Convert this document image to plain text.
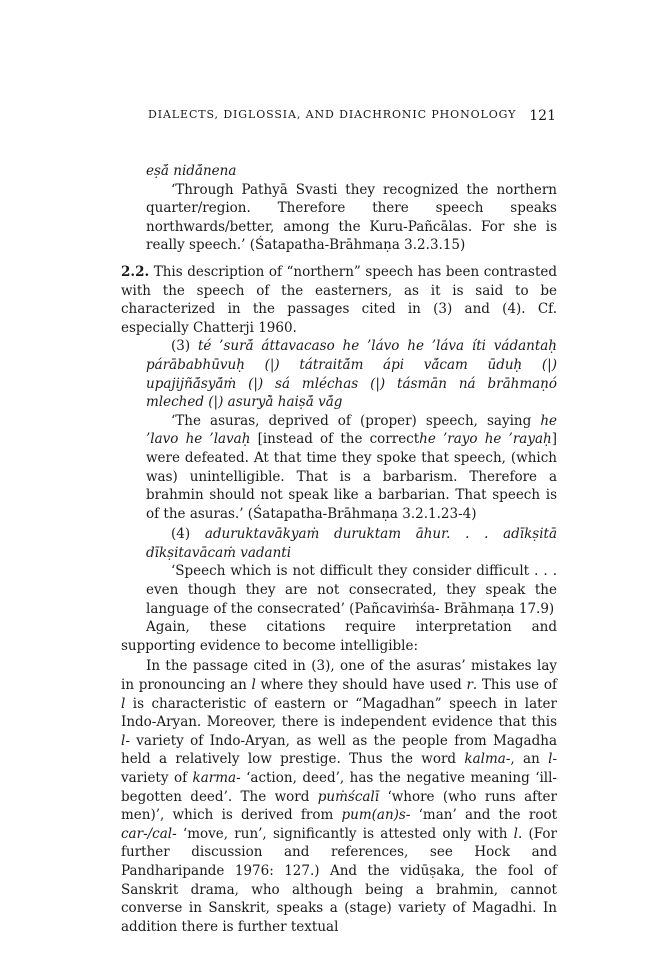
DIALECTS, DIGLOSSIA, AND DIACHRONIC PHONOLOGY 121

eṣā́ nidā́nena

‘Through Pathyā Svasti they recognized the northern quarter/region. Therefore there speech speaks northwards/better, among the Kuru-Pañcālas. For she is really speech.’ (Śatapatha-Brāhmaṇa 3.2.3.15)

2.2. This description of “northern” speech has been contrasted with the speech of the easterners, as it is said to be characterized in the passages cited in (3) and (4). Cf. especially Chatterji 1960.

(3) té ’surā́ áttavacaso he ’lávo he ’láva íti vádantaḥ párābabhūvuḥ (|) tátraitā́m ápi vā́cam ūduḥ (|) upajijñā́syā́ṁ (|) sá mléchas (|) tásmān ná brāhmaṇó mleched (|) asuryā̀ haiṣā́ vā́g

‘The asuras, deprived of (proper) speech, saying he ’lavo he ’lavaḥ [instead of the correcthe ’rayo he ’rayaḥ] were defeated. At that time they spoke that speech, (which was) unintelligible. That is a barbarism. Therefore a brahmin should not speak like a barbarian. That speech is of the asuras.’ (Śatapatha-Brāhmaṇa 3.2.1.23-4)

(4) aduruktavākyaṁ duruktam āhur. . . adīkṣitā dīkṣitavācaṁ vadanti

‘Speech which is not difficult they consider difficult . . . even though they are not consecrated, they speak the language of the consecrated’ (Pañcaviṁśa- Brāhmaṇa 17.9)

Again, these citations require interpretation and supporting evidence to become intelligible:

In the passage cited in (3), one of the asuras’ mistakes lay in pronouncing an l where they should have used r. This use of l is characteristic of eastern or “Magadhan” speech in later Indo-Aryan. Moreover, there is independent evidence that this l- variety of Indo-Aryan, as well as the people from Magadha held a relatively low prestige. Thus the word kalma-, an l-variety of karma- ‘action, deed’, has the negative meaning ‘ill-begotten deed’. The word puṁścalī ‘whore (who runs after men)’, which is derived from pum(an)s- ‘man’ and the root car-/cal- ‘move, run’, significantly is attested only with l. (For further discussion and references, see Hock and Pandharipande 1976: 127.) And the vidūṣaka, the fool of Sanskrit drama, who although being a brahmin, cannot converse in Sanskrit, speaks a (stage) variety of Magadhi. In addition there is further textual
